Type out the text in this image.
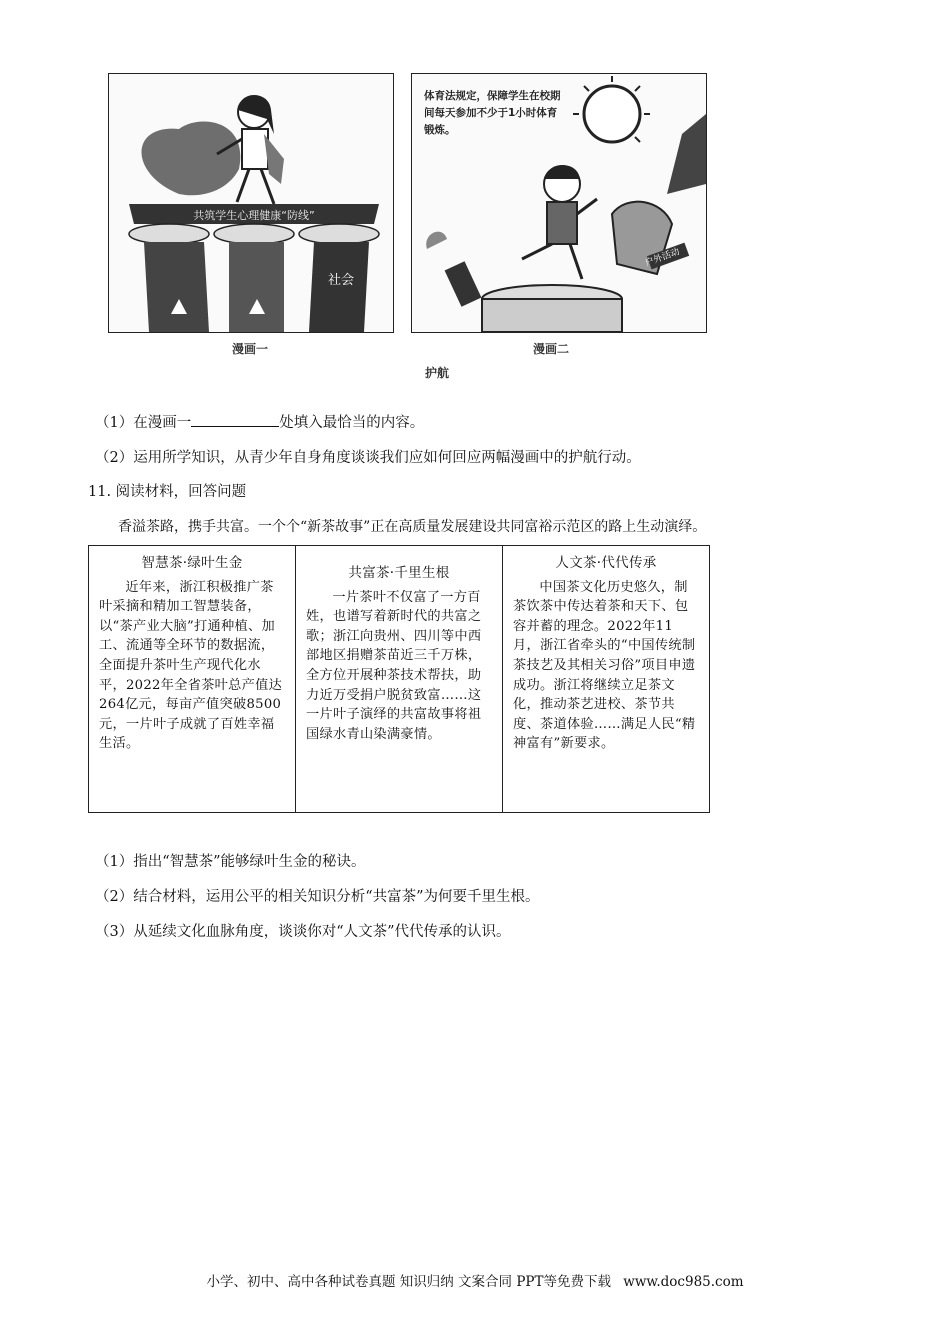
共筑学生心理健康“防线”
社会
漫画一
体育法规定，保障学生在校期间每天参加不少于1小时体育锻炼。
户外活动
漫画二
护航
（1）在漫画一	处填入最恰当的内容。
（2）运用所学知识，从青少年自身角度谈谈我们应如何回应两幅漫画中的护航行动。
11. 阅读材料，回答问题
香溢茶路，携手共富。一个个“新茶故事”正在高质量发展建设共同富裕示范区的路上生动演绎。
智慧茶·绿叶生金
近年来，浙江积极推广茶叶采摘和精加工智慧装备，以“茶产业大脑”打通种植、加工、流通等全环节的数据流，全面提升茶叶生产现代化水平，2022年全省茶叶总产值达264亿元，每亩产值突破8500元，一片叶子成就了百姓幸福生活。

共富茶·千里生根
一片茶叶不仅富了一方百姓，也谱写着新时代的共富之歌；浙江向贵州、四川等中西部地区捐赠茶苗近三千万株，全方位开展种茶技术帮扶，助力近万受捐户脱贫致富……这一片叶子演绎的共富故事将祖国绿水青山染满豪情。

人文茶·代代传承
中国茶文化历史悠久，制茶饮茶中传达着茶和天下、包容并蓄的理念。2022年11月，浙江省牵头的“中国传统制茶技艺及其相关习俗”项目申遗成功。浙江将继续立足茶文化，推动茶艺进校、茶节共度、茶道体验……满足人民“精神富有”新要求。
（1）指出“智慧茶”能够绿叶生金的秘诀。
（2）结合材料，运用公平的相关知识分析“共富茶”为何要千里生根。
（3）从延续文化血脉角度，谈谈你对“人文茶”代代传承的认识。
小学、初中、高中各种试卷真题 知识归纳 文案合同 PPT等免费下载 www.doc985.com
